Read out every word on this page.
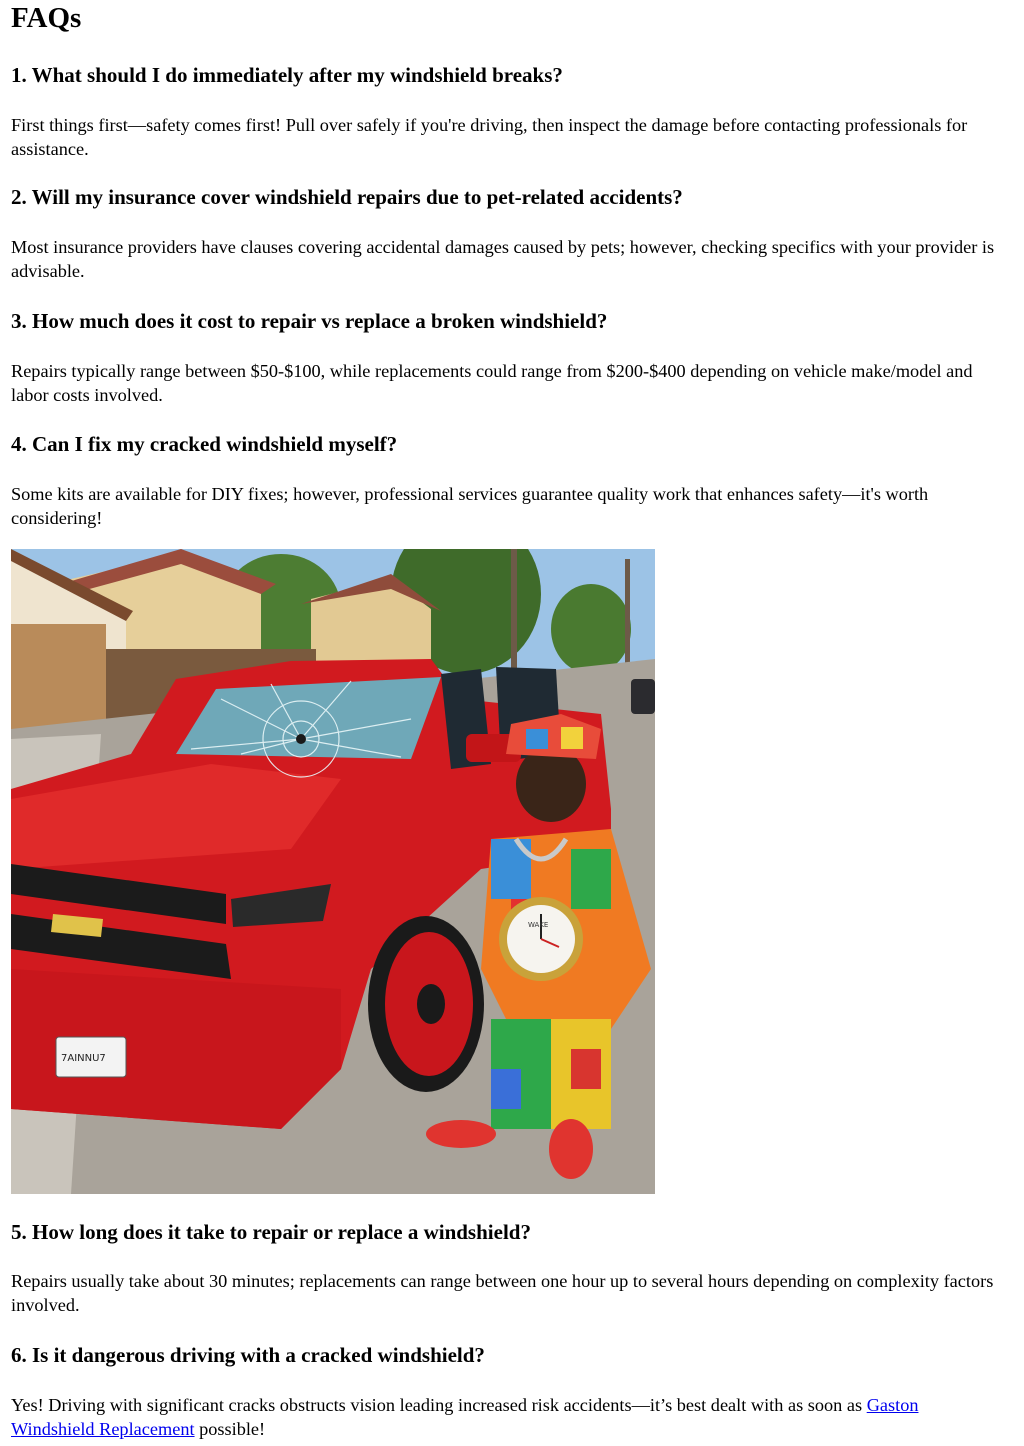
FAQs
1. What should I do immediately after my windshield breaks?

First things first—safety comes first! Pull over safely if you're driving, then inspect the damage before contacting professionals for assistance.

2. Will my insurance cover windshield repairs due to pet-related accidents?

Most insurance providers have clauses covering accidental damages caused by pets; however, checking specifics with your provider is advisable.

3. How much does it cost to repair vs replace a broken windshield?

Repairs typically range between $50-$100, while replacements could range from $200-$400 depending on vehicle make/model and labor costs involved.

4. Can I fix my cracked windshield myself?

Some kits are available for DIY fixes; however, professional services guarantee quality work that enhances safety—it's worth considering!

WAKE
7AINNU7
5. How long does it take to repair or replace a windshield?

Repairs usually take about 30 minutes; replacements can range between one hour up to several hours depending on complexity factors involved.

6. Is it dangerous driving with a cracked windshield?

Yes! Driving with significant cracks obstructs vision leading increased risk accidents—it’s best dealt with as soon as Gaston Windshield Replacement possible!
